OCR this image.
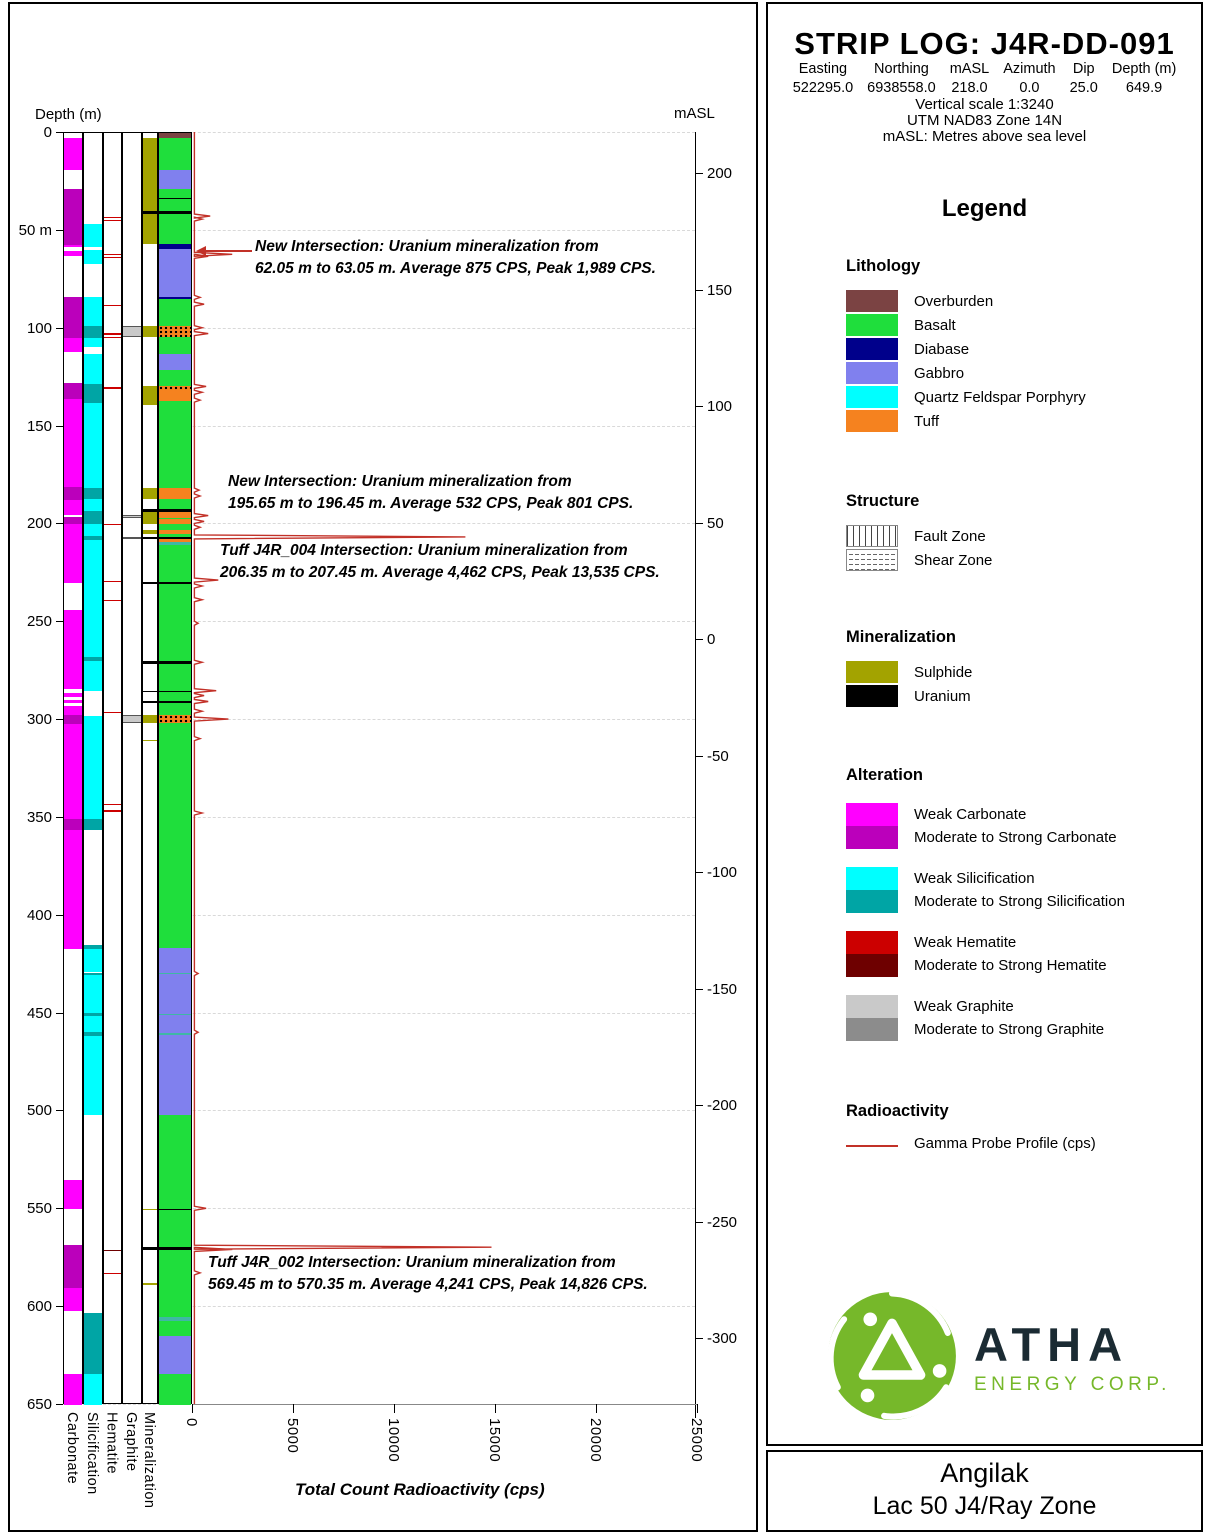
Depth (m)	mASL
200
150
100
50
0
-50
-100
-150
-200
-250
-300
0
50 m
100
150
200
250
300
350
400
450
500
550
600
650
0	5000	10000	15000	20000	25000
Carbonate Silicification Hematite Graphite Mineralization
New Intersection: Uranium mineralization from
62.05 m to 63.05 m. Average 875 CPS, Peak 1,989 CPS.
New Intersection: Uranium mineralization from
195.65 m to 196.45 m. Average 532 CPS, Peak 801 CPS.
Tuff J4R_004 Intersection: Uranium mineralization from
206.35 m to 207.45 m. Average 4,462 CPS, Peak 13,535 CPS.
Tuff J4R_002 Intersection: Uranium mineralization from
569.45 m to 570.35 m. Average 4,241 CPS, Peak 14,826 CPS.
Total Count Radioactivity (cps)
STRIP LOG: J4R-DD-091
Easting
522295.0
Northing
6938558.0
mASL
218.0
Azimuth
0.0
Dip
25.0
Depth (m)
649.9
Vertical scale 1:3240
UTM NAD83 Zone 14N
mASL: Metres above sea level
Legend
Lithology
Overburden
Basalt
Diabase
Gabbro
Quartz Feldspar Porphyry
Tuff
Structure
Fault Zone
Shear Zone
Mineralization
Sulphide
Uranium
Alteration
Weak Carbonate
Moderate to Strong Carbonate
Weak Silicification
Moderate to Strong Silicification
Weak Hematite
Moderate to Strong Hematite
Weak Graphite
Moderate to Strong Graphite
Radioactivity
Gamma Probe Profile (cps)
ATHA
ENERGY CORP.
Angilak
Lac 50 J4/Ray Zone
